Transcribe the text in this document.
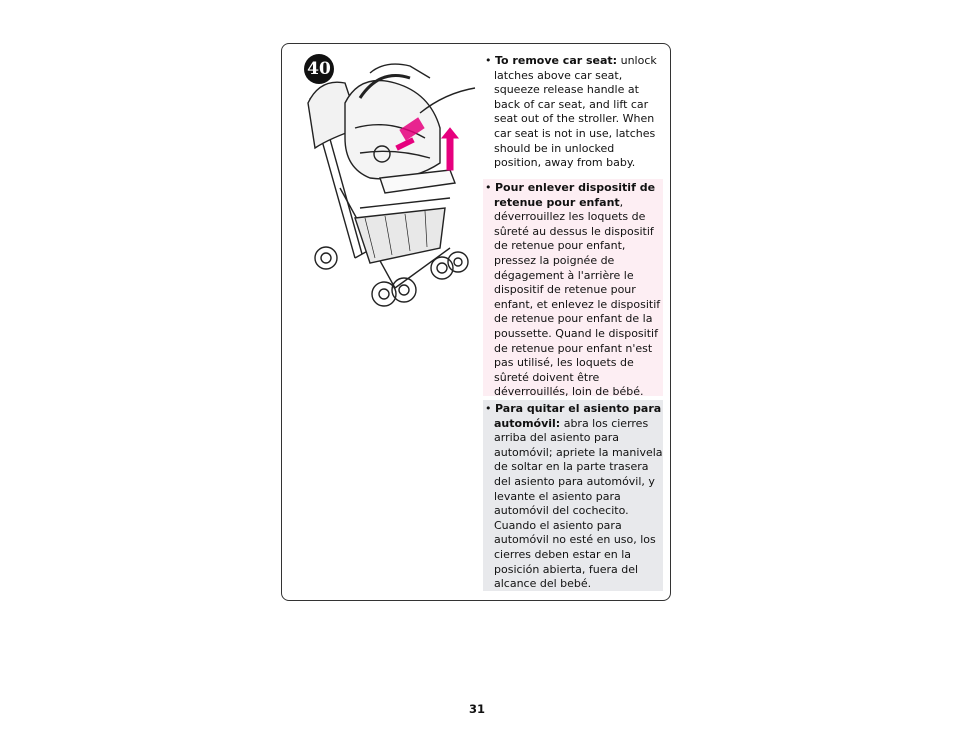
40	• To remove car seat: unlock latches above car seat, squeeze release handle at back of car seat, and lift car seat out of the stroller. When car seat is not in use, latches should be in unlocked position, away from baby.

• Pour enlever dispositif de retenue pour enfant, déverrouillez les loquets de sûreté au dessus le dispositif de retenue pour enfant, pressez la poignée de dégagement à l'arrière le dispositif de retenue pour enfant, et enlevez le dispositif de retenue pour enfant de la poussette. Quand le dispositif de retenue pour enfant n'est pas utilisé, les loquets de sûreté doivent être déverrouillés, loin de bébé.

• Para quitar el asiento para automóvil: abra los cierres arriba del asiento para automóvil; apriete la manivela de soltar en la parte trasera del asiento para automóvil, y levante el asiento para automóvil del cochecito. Cuando el asiento para automóvil no esté en uso, los cierres deben estar en la posición abierta, fuera del alcance del bebé.

31
